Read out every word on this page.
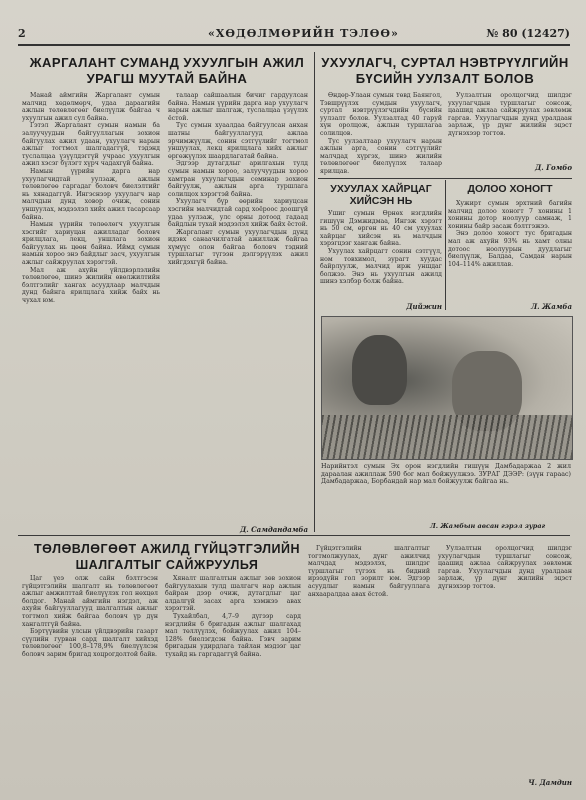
2	«ХӨДӨЛМӨРИЙН ТЭЛӨӨ»	№ 80 (12427)
ЖАРГАЛАНТ СУМАНД УХУУЛГЫН АЖИЛ УРАГШ МУУТАЙ БАЙНА

Манай аймгийн Жаргалант сумын малчид хөдөлмөрч, удаа дараагийн ажлын төлөвлөгөөг биелүүлж байгаа ч ухуулгын ажил сул байна.

Гэтэл Жаргалант сумын намын ба залуучуудын байгууллагын зохион байгуулах ажил удаан, ухуулагч нарын ажлыг тогтмол шалгадаггүй, тэдэнд туслалцаа үзүүлдэггүй учраас ухуулгын ажил хэсэг бүлэгт хүрч чадахгүй байна.

Намын үүрийн дарга нар ухуулагчидтай уулзаж, ажлын төлөвлөгөө гаргадаг боловч биелэлтийг нь хянадаггүй. Ингэснээр ухуулагч нар малчдын дунд ховор очиж, сонин уншуулах, мэдээлэл хийх ажил тасарсаар байна.

Намын үүрийн төлөөлөгч ухуулгын хэсгийг хариуцан ажилладаг боловч ярилцлага, лекц, уншлага зохион байгуулах нь цөөн байна. Иймд сумын намын хороо энэ байдлыг засч, ухуулгын ажлыг сайжруулах хэрэгтэй.

Мал аж ахуйн үйлдвэрлэлийн төлөвлөгөө, шинэ жилийн өвөлжилтийн бэлтгэлийг хангах асуудлаар малчдын дунд байнга ярилцлага хийж байх нь чухал юм.

талаар сайшаалын бичиг гардуулсан байна. Намын үүрийн дарга нар ухуулагч нарын ажлыг шалгаж, туслалцаа үзүүлэх ёстой.

Тус сумын хуаалдаа байгуулсан анхан шатны байгууллагууд ажлаа эрчимжүүлж, сонин сэтгүүлийг тогтмол уншуулах, лекц ярилцлага хийх ажлыг өргөжүүлэх шаардлагатай байна.

Эдгээр дутагдлыг арилгахын тулд сумын намын хороо, залуучуудын хороо хамтран ухуулагчдын семинар зохион байгуулж, ажлын арга туршлага солилцох хэрэгтэй байна.

Ухуулагч бүр өөрийн хариуцсан хэсгийн малчидтай сард хоёроос доошгүй удаа уулзаж, улс орны дотоод гадаад байдлын тухай мэдээлэл хийж байх ёстой.

Жаргалант сумын ухуулагчдын дунд идэвх санаачилгатай ажиллаж байгаа хүмүүс олон байгаа боловч тэдний туршлагыг түгээн дэлгэрүүлэх ажил хийгдэхгүй байна.

Д. Самдандамба
УХУУЛАГЧ, СУРТАЛ НЭВТРҮҮЛГИЙН БҮСИЙН УУЛЗАЛТ БОЛОВ

Өндөр-Улаан сумын төвд Баянгол, Тэвшрүүлэх сумдын ухуулагч, суртал нэвтрүүлэгчдийн бүсийн уулзалт болов. Уулзалтад 40 гаруй хүн оролцож, ажлын туршлагаа солилцов.

Тус уулзалтаар ухуулагч нарын ажлын арга, сонин сэтгүүлийг малчдад хүргэх, шинэ жилийн төлөвлөгөөг биелүүлэх талаар ярилцав.

Уулзалтын оролцогчид шилдэг ухуулагчдын туршлагыг сонсож, цаашид ажлаа сайжруулах зөвлөмж гаргав. Ухуулагчдын дунд уралдаан зарлаж, үр дүнг жилийн эцэст дүгнэхээр тогтов.

Д. Гомбо
УХУУЛАХ ХАЙРЦАГ ХИЙСЭН НЬ

Ушиг сумын Өрнөх нэгдлийн гишүүн Дэмжидмаа, Ингэж хэрэгт нь 50 см, өргөн нь 40 см ухуулах хайрцаг хийсэн нь малчдын хэрэгцээг хангаж байна.

Ухуулах хайрцагт сонин сэтгүүл, ном товхимол, зурагт хуудас байрлуулж, малчид ирж уншдаг болжээ. Энэ нь ухуулгын ажилд шинэ хэлбэр болж байна.

Дийжин
ДОЛОО ХОНОГТ

Хужирт сумын эрхтний багийн малчид долоо хоногт 7 хонины 1 хонины дотор ноолуур самнаж, 1 хонины байр засаж бэлтгэжээ.

Энэ долоо хоногт тус бригадын мал аж ахуйн 93% нь хамт олны дотоос ноолуурын дуудлагыг биелүүлж, Балдаа, Самдан нарын 104–114% ажиллав.

Л. Жамба

Нарийнтэл сумын Эх орон нэгдлийн гишүүн Дамбадаржаа 2 жил дараалан ажиллаж 590 бог мал бойжуулжээ. ЗУРАГ ДЭЭР: (зүүн гараас) Дамбадаржаа, Борбандай нар мал бойжуулж байгаа нь.

Л. Жамбын авсан гэрэл зураг
ТӨЛӨВЛӨГӨӨТ АЖИЛД ГҮЙЦЭТГЭЛИЙН ШАЛГАЛТЫГ САЙЖРУУЛЬЯ

Цаг үеэ олж сайн бэлтгэсэн гүйцэтгэлийн шалгалт нь төлөвлөгөөт ажлыг амжилттай биелүүлэх гол нөхцөл болдог. Манай аймгийн нэгдэл, аж ахуйн байгууллагууд шалгалтын ажлыг тогтмол хийж байгаа боловч үр дүн хангалтгүй байна.

Бэртүүвийн улсын үйлдвэрийн газарт сүүлийн гурван сард шалгалт хийхэд төлөвлөгөөг 100,8–178,9% биелүүлсэн боловч зарим бригад хоцрогдолтой байв.

Хяналт шалгалтын ажлыг зөв зохион байгуулахын тулд шалгагч нар ажлын байран дээр очиж, дутагдлыг цаг алдалгүй засах арга хэмжээ авах хэрэгтэй.

Тухайлбал, 4,7–9 дүгээр сард нэгдлийн 6 бригадын ажлыг шалгахад мал төллүүлэх, бойжуулах ажил 104–128% биелэгдсэн байна. Гэвч зарим бригадын удирдлага тайлан мэдээг цаг тухайд нь гаргадаггүй байна.

Гүйцэтгэлийн шалгалтыг тогтмолжуулах, дүнг ажилчид малчдад мэдээлэх, шилдэг туршлагыг түгээх нь бидний ирээдүйн гол зорилт юм. Эдгээр асуудлыг намын байгууллага анхааралдаа авах ёстой.

Уулзалтын оролцогчид шилдэг ухуулагчдын туршлагыг сонсож, цаашид ажлаа сайжруулах зөвлөмж гаргав. Ухуулагчдын дунд уралдаан зарлаж, үр дүнг жилийн эцэст дүгнэхээр тогтов.

Ч. Дамдин
